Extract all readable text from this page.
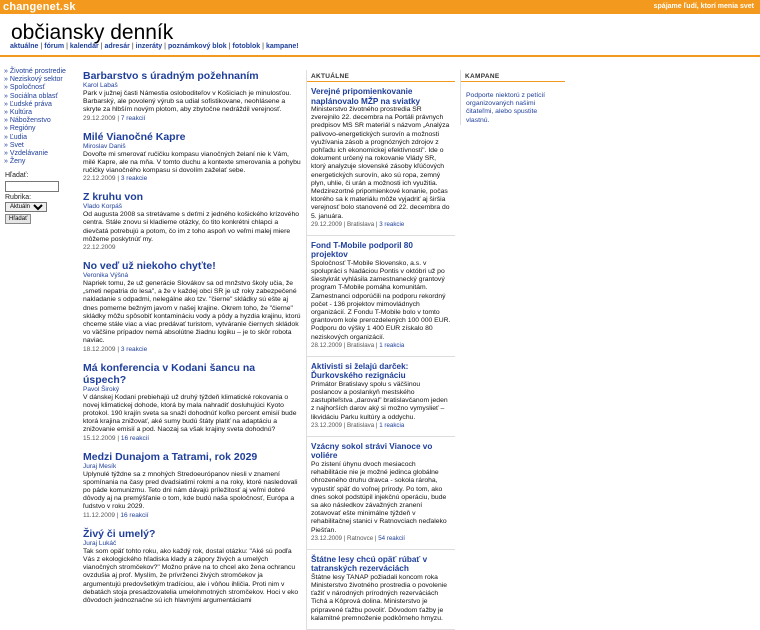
changenet.sk	spájame ľudí, ktorí menia svet
občiansky denník
aktuálne | fórum | kalendár | adresár | inzeráty | poznámkový blok | fotoblok | kampane!
» Životné prostredie
» Neziskový sektor
» Spoločnosť
» Sociálna oblasť
» Ľudské práva
» Kultúra
» Náboženstvo
» Regióny
» Ľudia
» Svet
» Vzdelávanie
» Ženy
Hľadať:
Rubrika:
Aktuálne
Hľadať
Barbarstvo s úradným požehnaním
Karol Labaš

Park v južnej časti Námestia osloboditeľov v Košiciach je minulosťou. Barbarský, ale povolený výrub sa udial sofistikovane, neohlásene a skryte za hlbším novým plotom, aby zbytočne nedráždil verejnosť.

29.12.2009 | 7 reakcií
Milé Vianočné Kapre
Miroslav Daniš

Dovoľte mi smerovať ručičku kompasu vianočných želaní nie k Vám, milé Kapre, ale na mňa. V tomto duchu a kontexte smerovania a pohybu ručičky vianočného kompasu si dovolím zaželať sebe.

22.12.2009 | 3 reakcie
Z kruhu von
Vlado Korpáš

Od augusta 2008 sa stretávame s deťmi z jedného košického krízového centra. Stále znovu si kladieme otázky, čo tito konkrétni chlapci a dievčatá potrebujú a potom, čo im z toho aspoň vo veľmi malej miere môžeme poskytnúť my.

22.12.2009
No veď už niekoho chyťte!
Veronika Výšná

Napriek tomu, že už generácie Slovákov sa od mnžstvo školy učia, že „smeti nepatria do lesa", a že v každej obci SR je už roky zabezpečené nakladanie s odpadmi, nelegálne ako tzv. "čierne" skládky sú ešte aj dnes pomerne bežným javom v našej krajine. Okrem toho, že "čierne" skládky môžu spôsobiť kontamináciu vody a pôdy a hyzdia krajinu, ktorú chceme stále viac a viac predávať turistom, vytváranie čiernych skládok vo väčšine prípadov nemá absolútne žiadnu logiku – je to skôr robota naviac.

18.12.2009 | 3 reakcie
Má konferencia v Kodani šancu na úspech?
Pavol Široký

V dánskej Kodani prebiehajú už druhý týždeň klimatické rokovania o novej klimatickej dohode, ktorá by mala nahradiť dosluhujúci Kyoto protokol. 190 krajín sveta sa snaží dohodnúť koľko percent emisií bude ktorá krajina znižovať, aké sumy budú štáty platiť na adaptáciu a znižovanie emisií a pod. Naozaj sa však krajiny sveta dohodnú?

15.12.2009 | 16 reakcií
Medzi Dunajom a Tatrami, rok 2029
Juraj Mesík

Uplynulé týždne sa z mnohých Stredoeurópanov niesli v znamení spomínania na časy pred dvadsiatimi rokmi a na roky, ktoré nasledovali po páde komunizmu. Teto dni nám dávajú príležitosť aj veľmi dobré dôvody aj na premýšľanie o tom, kde budú naša spoločnosť, Európa a ľudstvo v roku 2029.

11.12.2009 | 16 reakcií
Živý či umelý?
Juraj Lukáč

Tak som opäť tohto roku, ako každý rok, dostal otázku: "Aké sú podľa Vás z ekologického hľadiska klady a zápory živých a umelých vianočných stromčekov?" Možno práve na to chcel ako žena ochrancu ovzdušia aj prof. Myslím, že prívrženci živých stromčekov ja argumentujú predovšetkým tradíciou, ale i vôňou ihličia. Proti nim v debatách stoja presadzovatelia umelohmotných stromčekov. Hoci v eko dôvodoch jednoznačne sú ich hlavnými argumentáciami

AKTUÁLNE
Verejné pripomienkovanie naplánovalo MŽP na sviatky

Ministerstvo životného prostredia SR zverejnilo 22. decembra na Portáli právnych predpisov MS SR materiál s názvom „Analýza palivovo-energetických surovín a možnosti využívania zásob a prognózných zdrojov z pohľadu ich ekonomickej efektívnosti". Ide o dokument určený na rokovanie Vlády SR, ktorý analyzuje slovenské zásoby kľúčových energetických surovín, ako sú ropa, zemný plyn, uhlie, či urán a možnosti ich využitia. Medzirezortné pripomienkové konanie, počas ktorého sa k materiálu môže vyjadriť aj širšia verejnosť bolo stanovené od 22. decembra do 5. januára.

29.12.2009 | Bratislava | 3 reakcie
Fond T-Mobile podporil 80 projektov

Spoločnosť T-Mobile Slovensko, a.s. v spolupráci s Nadáciou Pontis v októbri už po šiestykrát vyhlásila zamestnanecký grantový program T-Mobile pomáha komunitám. Zamestnanci odporúčili na podporu rekordný počet - 136 projektov mimovládnych organizácií. Z Fondu T-Mobile bolo v tomto grantovom kole prerozdelených 100 000 EUR. Podporu do výšky 1 400 EUR získalo 80 neziskových organizácií.

28.12.2009 | Bratislava | 1 reakcia
Aktivisti si želajú darček: Ďurkovského rezignáciu

Primátor Bratislavy spolu s väčšinou poslancov a poslankyň mestského zastupiteľstva „daroval" bratislavčanom jeden z najhorších darov aký si možno vymyslieť – likvidáciu Parku kultúry a oddychu.

23.12.2009 | Bratislava | 1 reakcia
Vzácny sokol strávi Vianoce vo voliére

Po zistení úhynu dvoch mesiacoch rehabilitácie nie je možné jedinca globálne ohrozeného druhu dravca - sokola rároha, vypustiť späť do voľnej prírody. Po tom, ako dnes sokol podstúpil injekčnú operáciu, bude sa ako následkov závažných zranení zotavovať ešte minimálne týždeň v rehabilitačnej stanici v Ratnovciach neďaleko Piešťan.

23.12.2009 | Ratnovce | 54 reakcií
Štátne lesy chcú opäť rúbať v tatranských rezerváciách

Štátne lesy TANAP požiadali koncom roka Ministerstvo životného prostredia o povolenie ťažiť v národných prírodných rezerváciách Tichá a Kôprová dolina. Ministerstvo je pripravené ťažbu povoliť. Dôvodom ťažby je kalamitné premnoženie podkôrneho hmyzu.

KAMPANE
Podporte niektorú z petícií organizovaných našimi čitateľmi, alebo spustite vlastnú.
